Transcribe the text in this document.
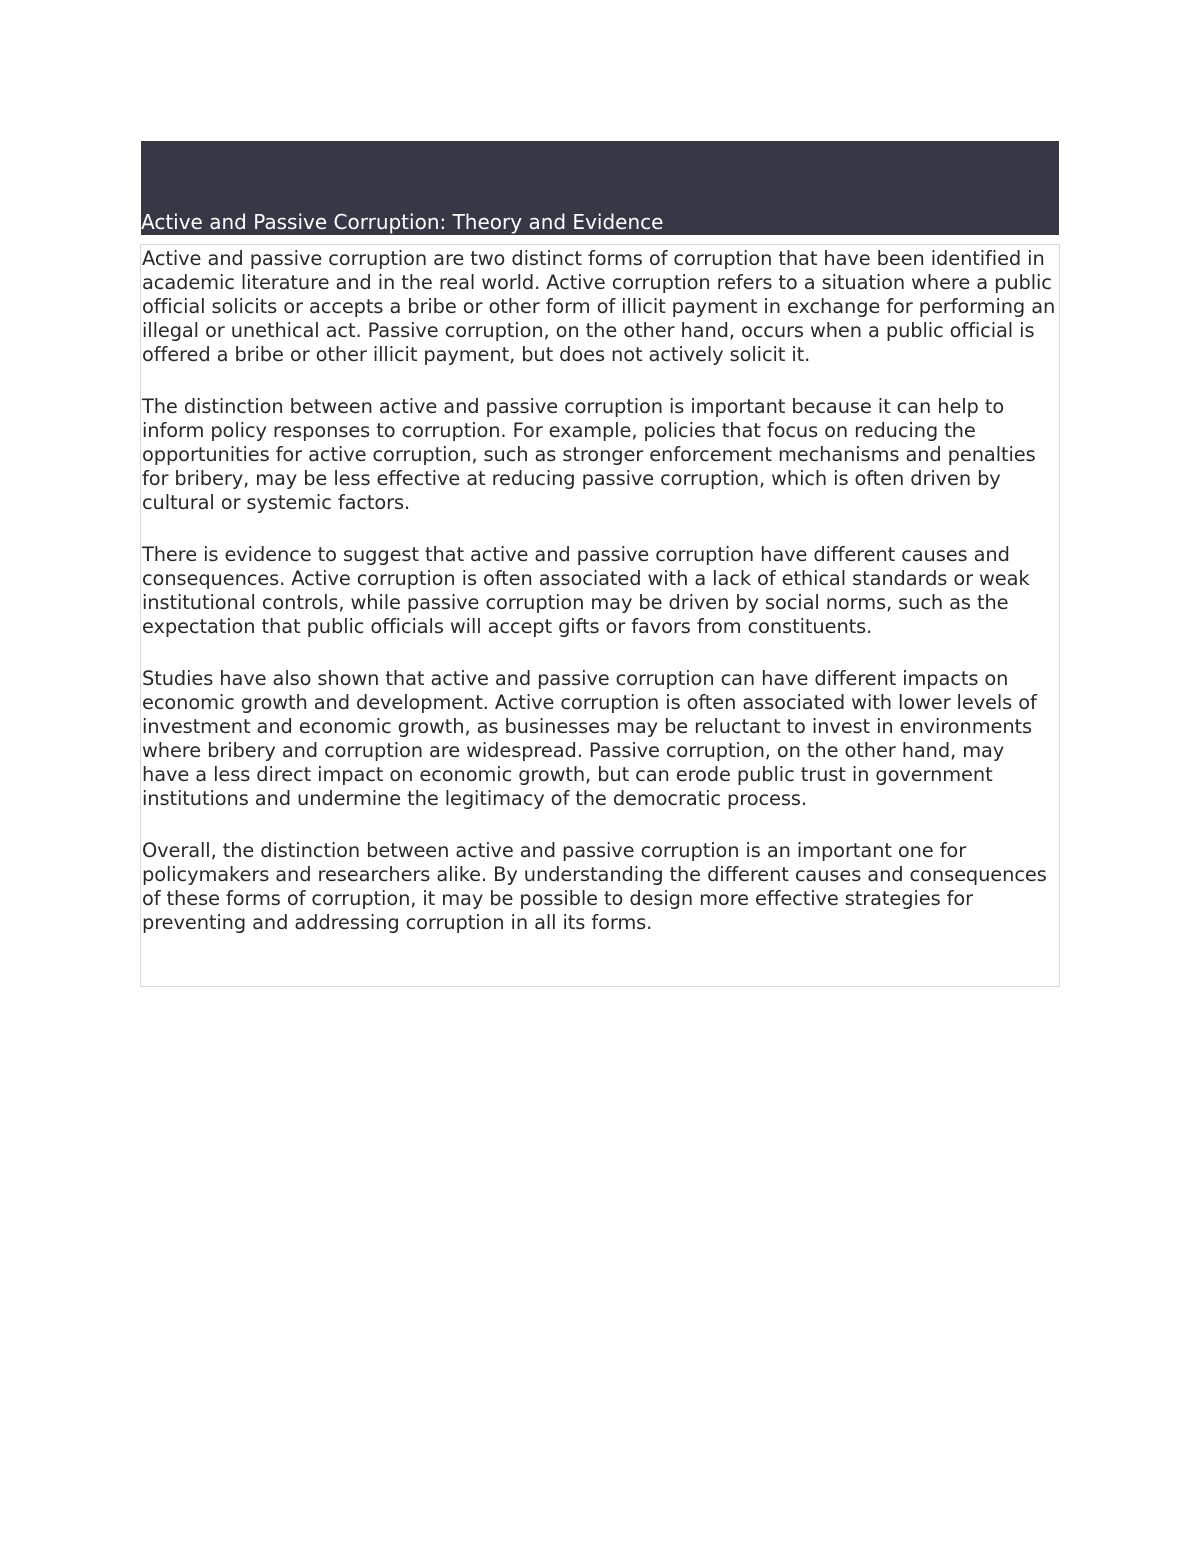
Active and Passive Corruption: Theory and Evidence

Active and passive corruption are two distinct forms of corruption that have been identified in academic literature and in the real world. Active corruption refers to a situation where a public official solicits or accepts a bribe or other form of illicit payment in exchange for performing an illegal or unethical act. Passive corruption, on the other hand, occurs when a public official is offered a bribe or other illicit payment, but does not actively solicit it.

The distinction between active and passive corruption is important because it can help to inform policy responses to corruption. For example, policies that focus on reducing the opportunities for active corruption, such as stronger enforcement mechanisms and penalties for bribery, may be less effective at reducing passive corruption, which is often driven by cultural or systemic factors.

There is evidence to suggest that active and passive corruption have different causes and consequences. Active corruption is often associated with a lack of ethical standards or weak institutional controls, while passive corruption may be driven by social norms, such as the expectation that public officials will accept gifts or favors from constituents.

Studies have also shown that active and passive corruption can have different impacts on economic growth and development. Active corruption is often associated with lower levels of investment and economic growth, as businesses may be reluctant to invest in environments where bribery and corruption are widespread. Passive corruption, on the other hand, may have a less direct impact on economic growth, but can erode public trust in government institutions and undermine the legitimacy of the democratic process.

Overall, the distinction between active and passive corruption is an important one for policymakers and researchers alike. By understanding the different causes and consequences of these forms of corruption, it may be possible to design more effective strategies for preventing and addressing corruption in all its forms.
